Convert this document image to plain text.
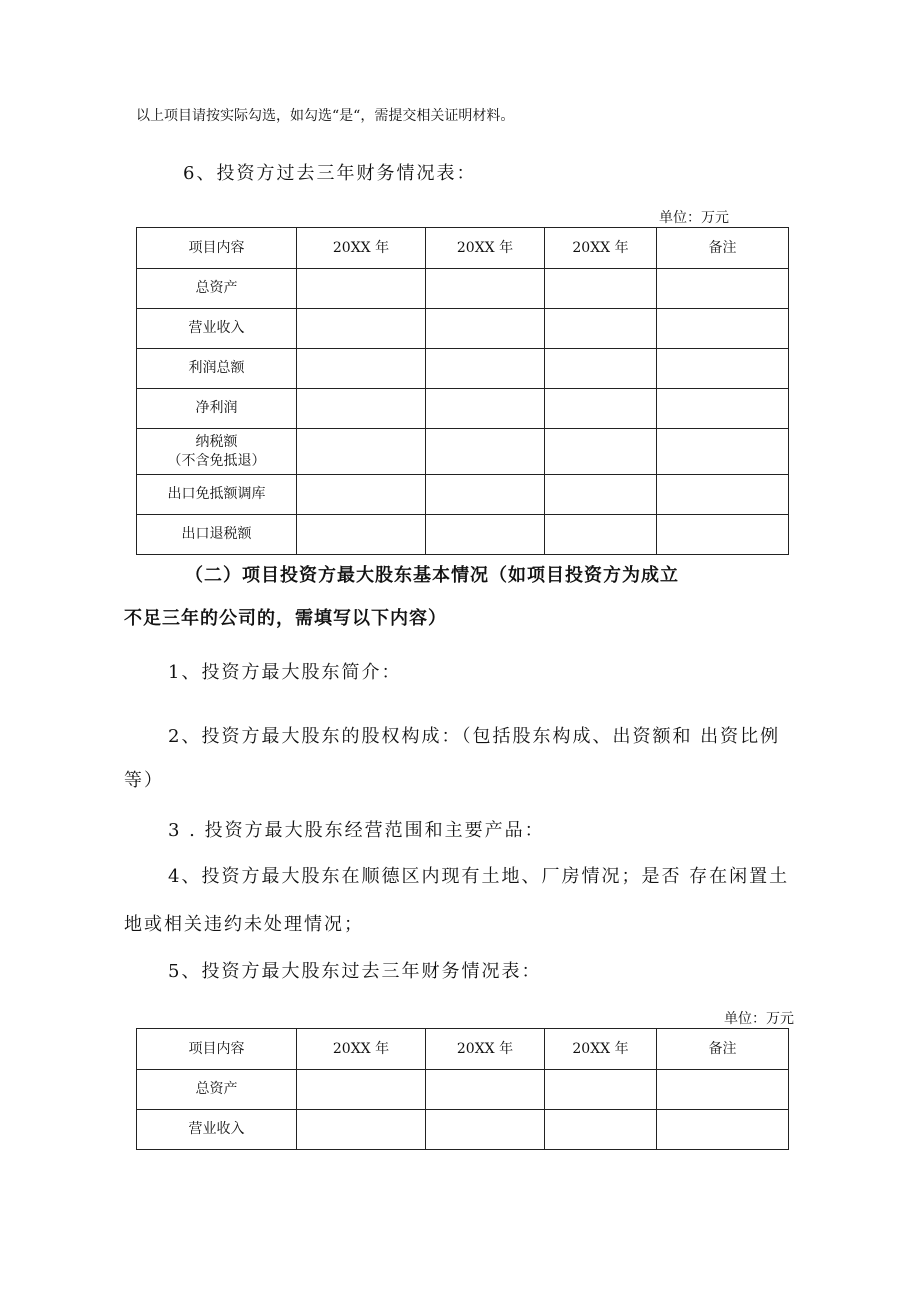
以上项目请按实际勾选，如勾选“是“，需提交相关证明材料。
6、投资方过去三年财务情况表：
单位：万元
项目内容	20XX 年	20XX 年	20XX 年	备注
总资产				
营业收入				
利润总额				
净利润				

纳税额
（不含免抵退）				

出口免抵额调库				
出口退税额				
（二）项目投资方最大股东基本情况（如项目投资方为成立
不足三年的公司的，需填写以下内容）
1、投资方最大股东简介：
2、投资方最大股东的股权构成：（包括股东构成、出资额和 出资比例
等）
3 . 投资方最大股东经营范围和主要产品：
4、投资方最大股东在顺德区内现有土地、厂房情况；是否 存在闲置土
地或相关违约未处理情况；
5、投资方最大股东过去三年财务情况表：
单位：万元
项目内容	20XX 年	20XX 年	20XX 年	备注
总资产				
营业收入				
